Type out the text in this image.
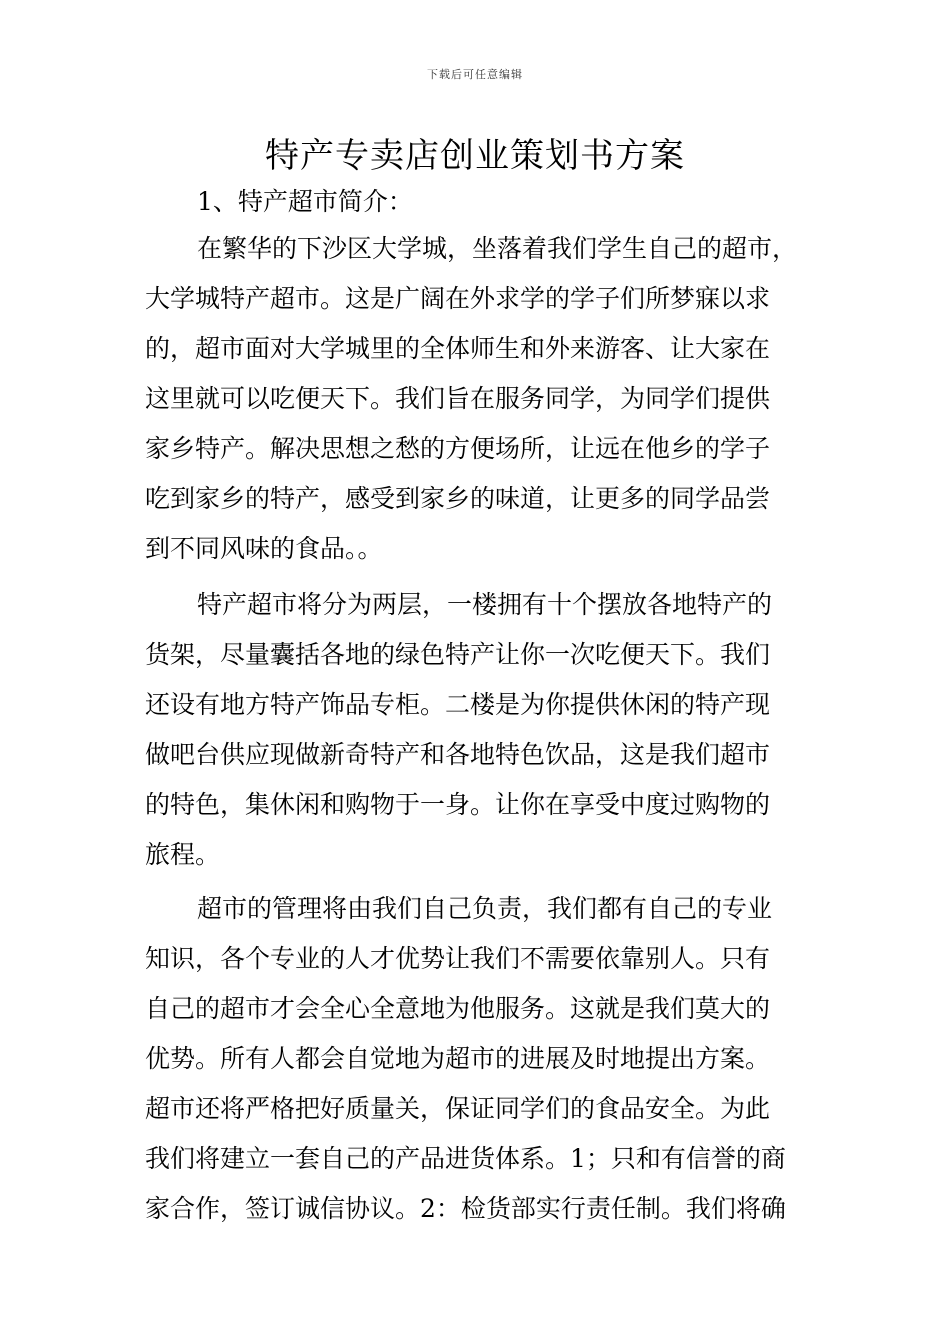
下载后可任意编辑
特产专卖店创业策划书方案
1、特产超市简介：
在繁华的下沙区大学城，坐落着我们学生自己的超市，
大学城特产超市。这是广阔在外求学的学子们所梦寐以求
的，超市面对大学城里的全体师生和外来游客、让大家在
这里就可以吃便天下。我们旨在服务同学，为同学们提供
家乡特产。解决思想之愁的方便场所，让远在他乡的学子
吃到家乡的特产，感受到家乡的味道，让更多的同学品尝
到不同风味的食品。。
特产超市将分为两层，一楼拥有十个摆放各地特产的
货架，尽量囊括各地的绿色特产让你一次吃便天下。我们
还设有地方特产饰品专柜。二楼是为你提供休闲的特产现
做吧台供应现做新奇特产和各地特色饮品，这是我们超市
的特色，集休闲和购物于一身。让你在享受中度过购物的
旅程。
超市的管理将由我们自己负责，我们都有自己的专业
知识，各个专业的人才优势让我们不需要依靠别人。只有
自己的超市才会全心全意地为他服务。这就是我们莫大的
优势。所有人都会自觉地为超市的进展及时地提出方案。
超市还将严格把好质量关，保证同学们的食品安全。为此
我们将建立一套自己的产品进货体系。1；只和有信誉的商
家合作，签订诚信协议。2：检货部实行责任制。我们将确
